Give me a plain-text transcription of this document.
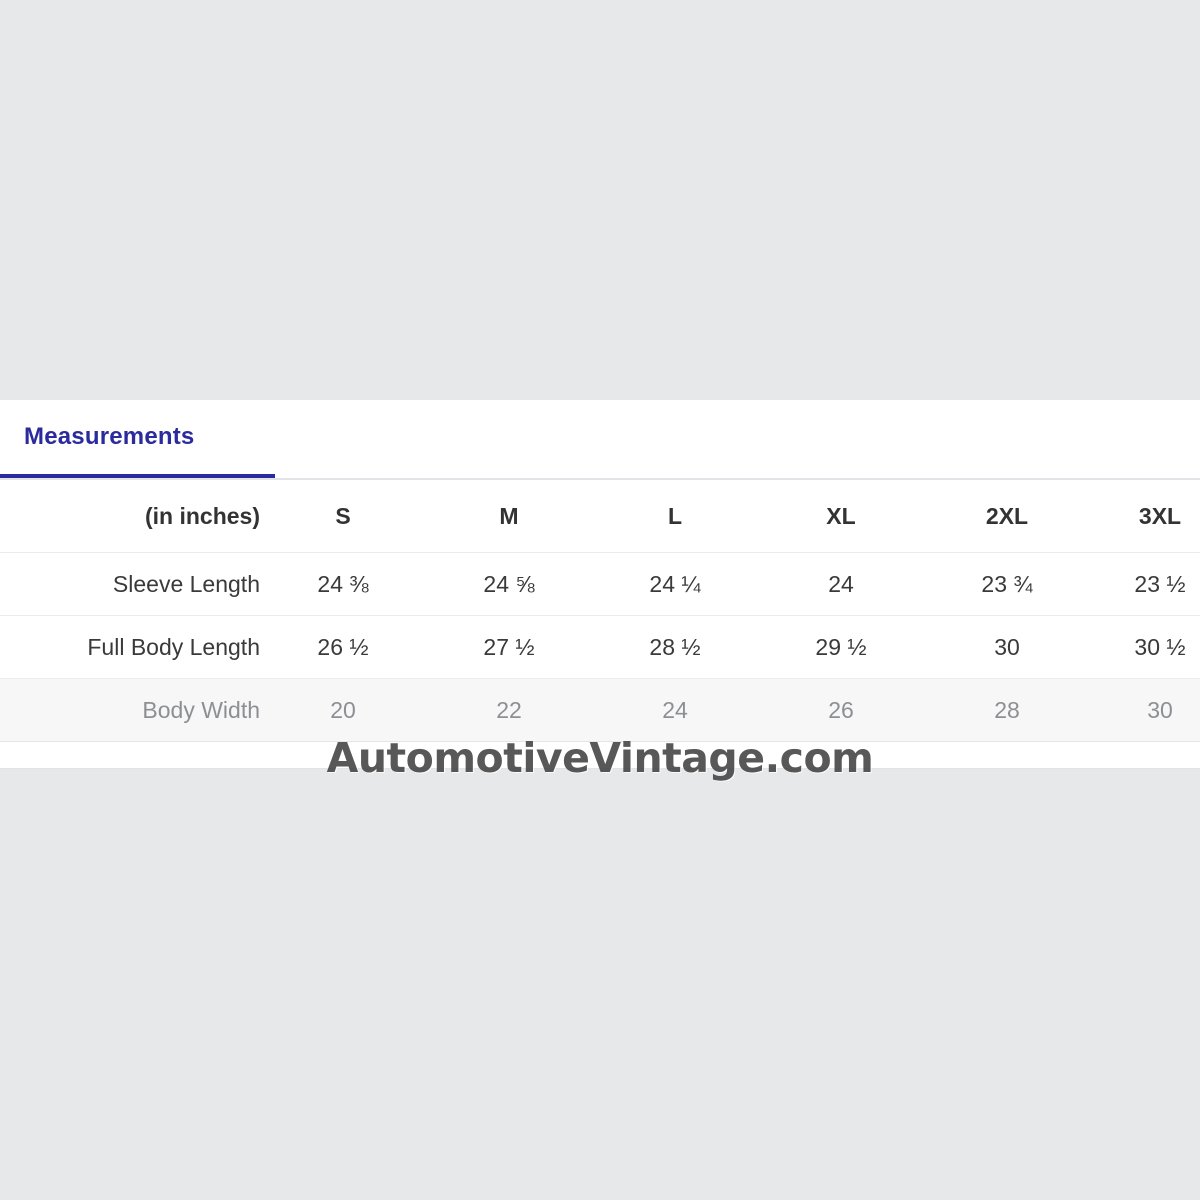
Measurements
(in inches)	S	M	L	XL	2XL	3XL
Sleeve Length	24 ⅜	24 ⅝	24 ¼	24	23 ¾	23 ½
Full Body Length	26 ½	27 ½	28 ½	29 ½	30	30 ½
Body Width	20	22	24	26	28	30
AutomotiveVintage.com
